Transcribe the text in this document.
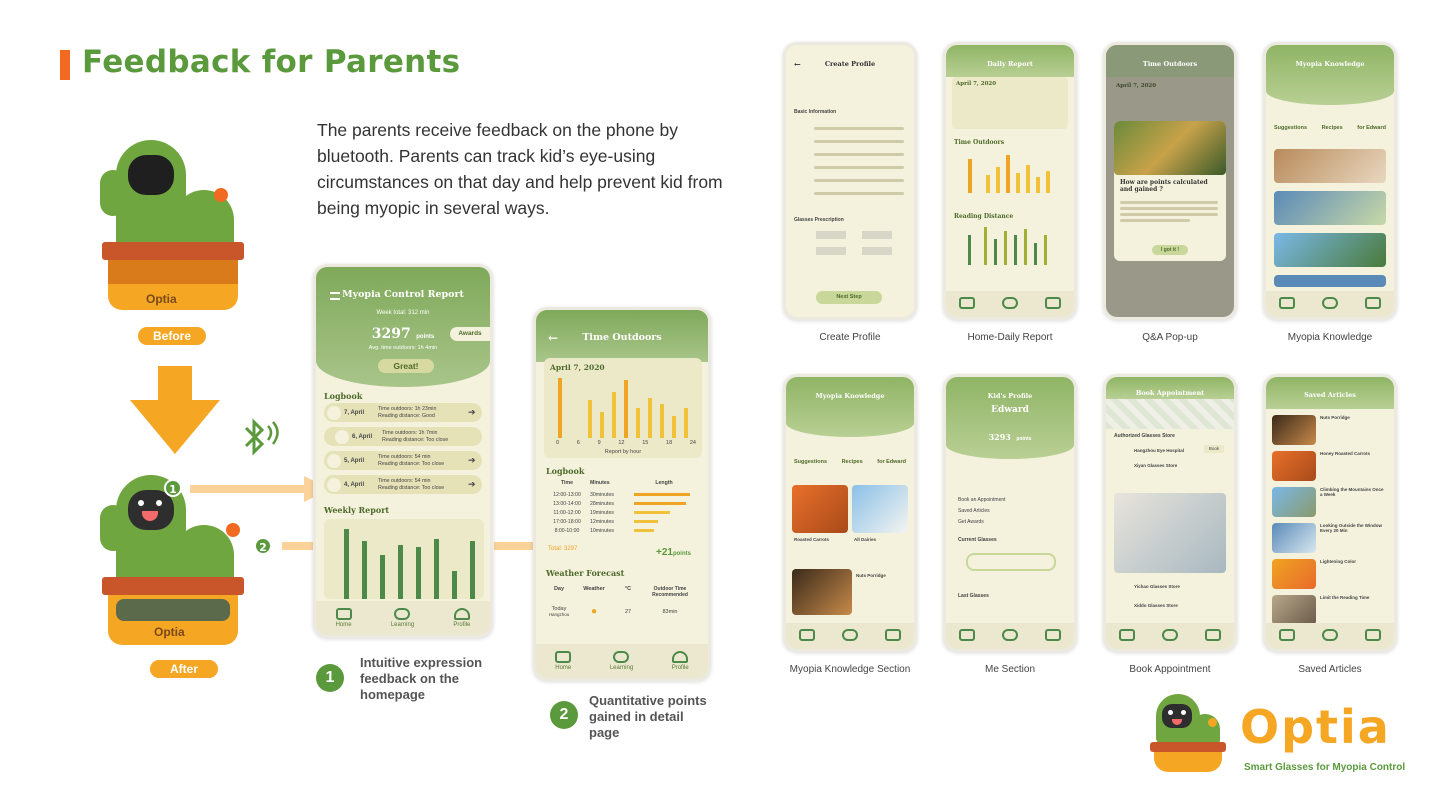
Feedback for Parents
The parents receive feedback on the phone by bluetooth. Parents can track kid’s eye-using circumstances on that day and help prevent kid from being myopic in several ways.
Optia
Before
Optia
After
1
2
Myopia Control Report
Week total: 312 min
3297 points
Avg. time outdoors: 1h 4min
Awards
Great!
Logbook
7, April
Time outdoors: 1h 23min
Reading distance: Good	➔
6, April
Time outdoors: 1h 7min
Reading distance: Too close
5, April
Time outdoors: 54 min
Reading distance: Too close	➔
4, April
Time outdoors: 54 min
Reading distance: Too close	➔
Weekly Report
Home	Learning	Profile
←	Time Outdoors
April 7, 2020
0	6	9	12	15	18	24
Report by hour
Logbook
Time	Minutes	Length
12:00-13:00	30minutes
13:00-14:00	28minutes
11:00-12:00	19minutes
17:00-18:00	12minutes
8:00-10:00	10minutes
Total: 3297	+21points
Weather Forecast
Day	Weather	°C	Outdoor Time Recommended
Today
Hangzhou	●	27	83min
Home	Learning	Profile
1
Intuitive expression feedback on the homepage
2
Quantitative points gained in detail page
←	Create Profile
Basic Information
Glasses Prescription
Next Step
Create Profile
Daily Report
April 7, 2020
Time Outdoors
Reading Distance
Home-Daily Report
Time Outdoors
April 7, 2020
How are points calculated and gained ?
I got it !
Q&A Pop-up
Myopia Knowledge
Suggestions	Recipes	for Edward
Myopia Knowledge
Myopia Knowledge
Suggestions	Recipes	for Edward
Roasted Carrots	All Dairies
Nuts Porridge
Myopia Knowledge Section
Kid's Profile
Edward
3293 points
Book an Appointment
Saved Articles
Get Awards
Current Glasses
Last Glasses
Me Section
Book Appointment
Authorized Glasses Store
Hangzhou Eye Hospital
Xiyan Glasses Store
Yichao Glasses Store
Xiddo Glasses Store
Book
Book Appointment
Saved Articles
Nuts Porridge
Honey Roasted Carrots
Climbing the Mountains Once a Week
Looking Outside the Window Every 20 Min
Lightening Color
Limit the Reading Time
Saved Articles
Optia
Smart Glasses for Myopia Control
